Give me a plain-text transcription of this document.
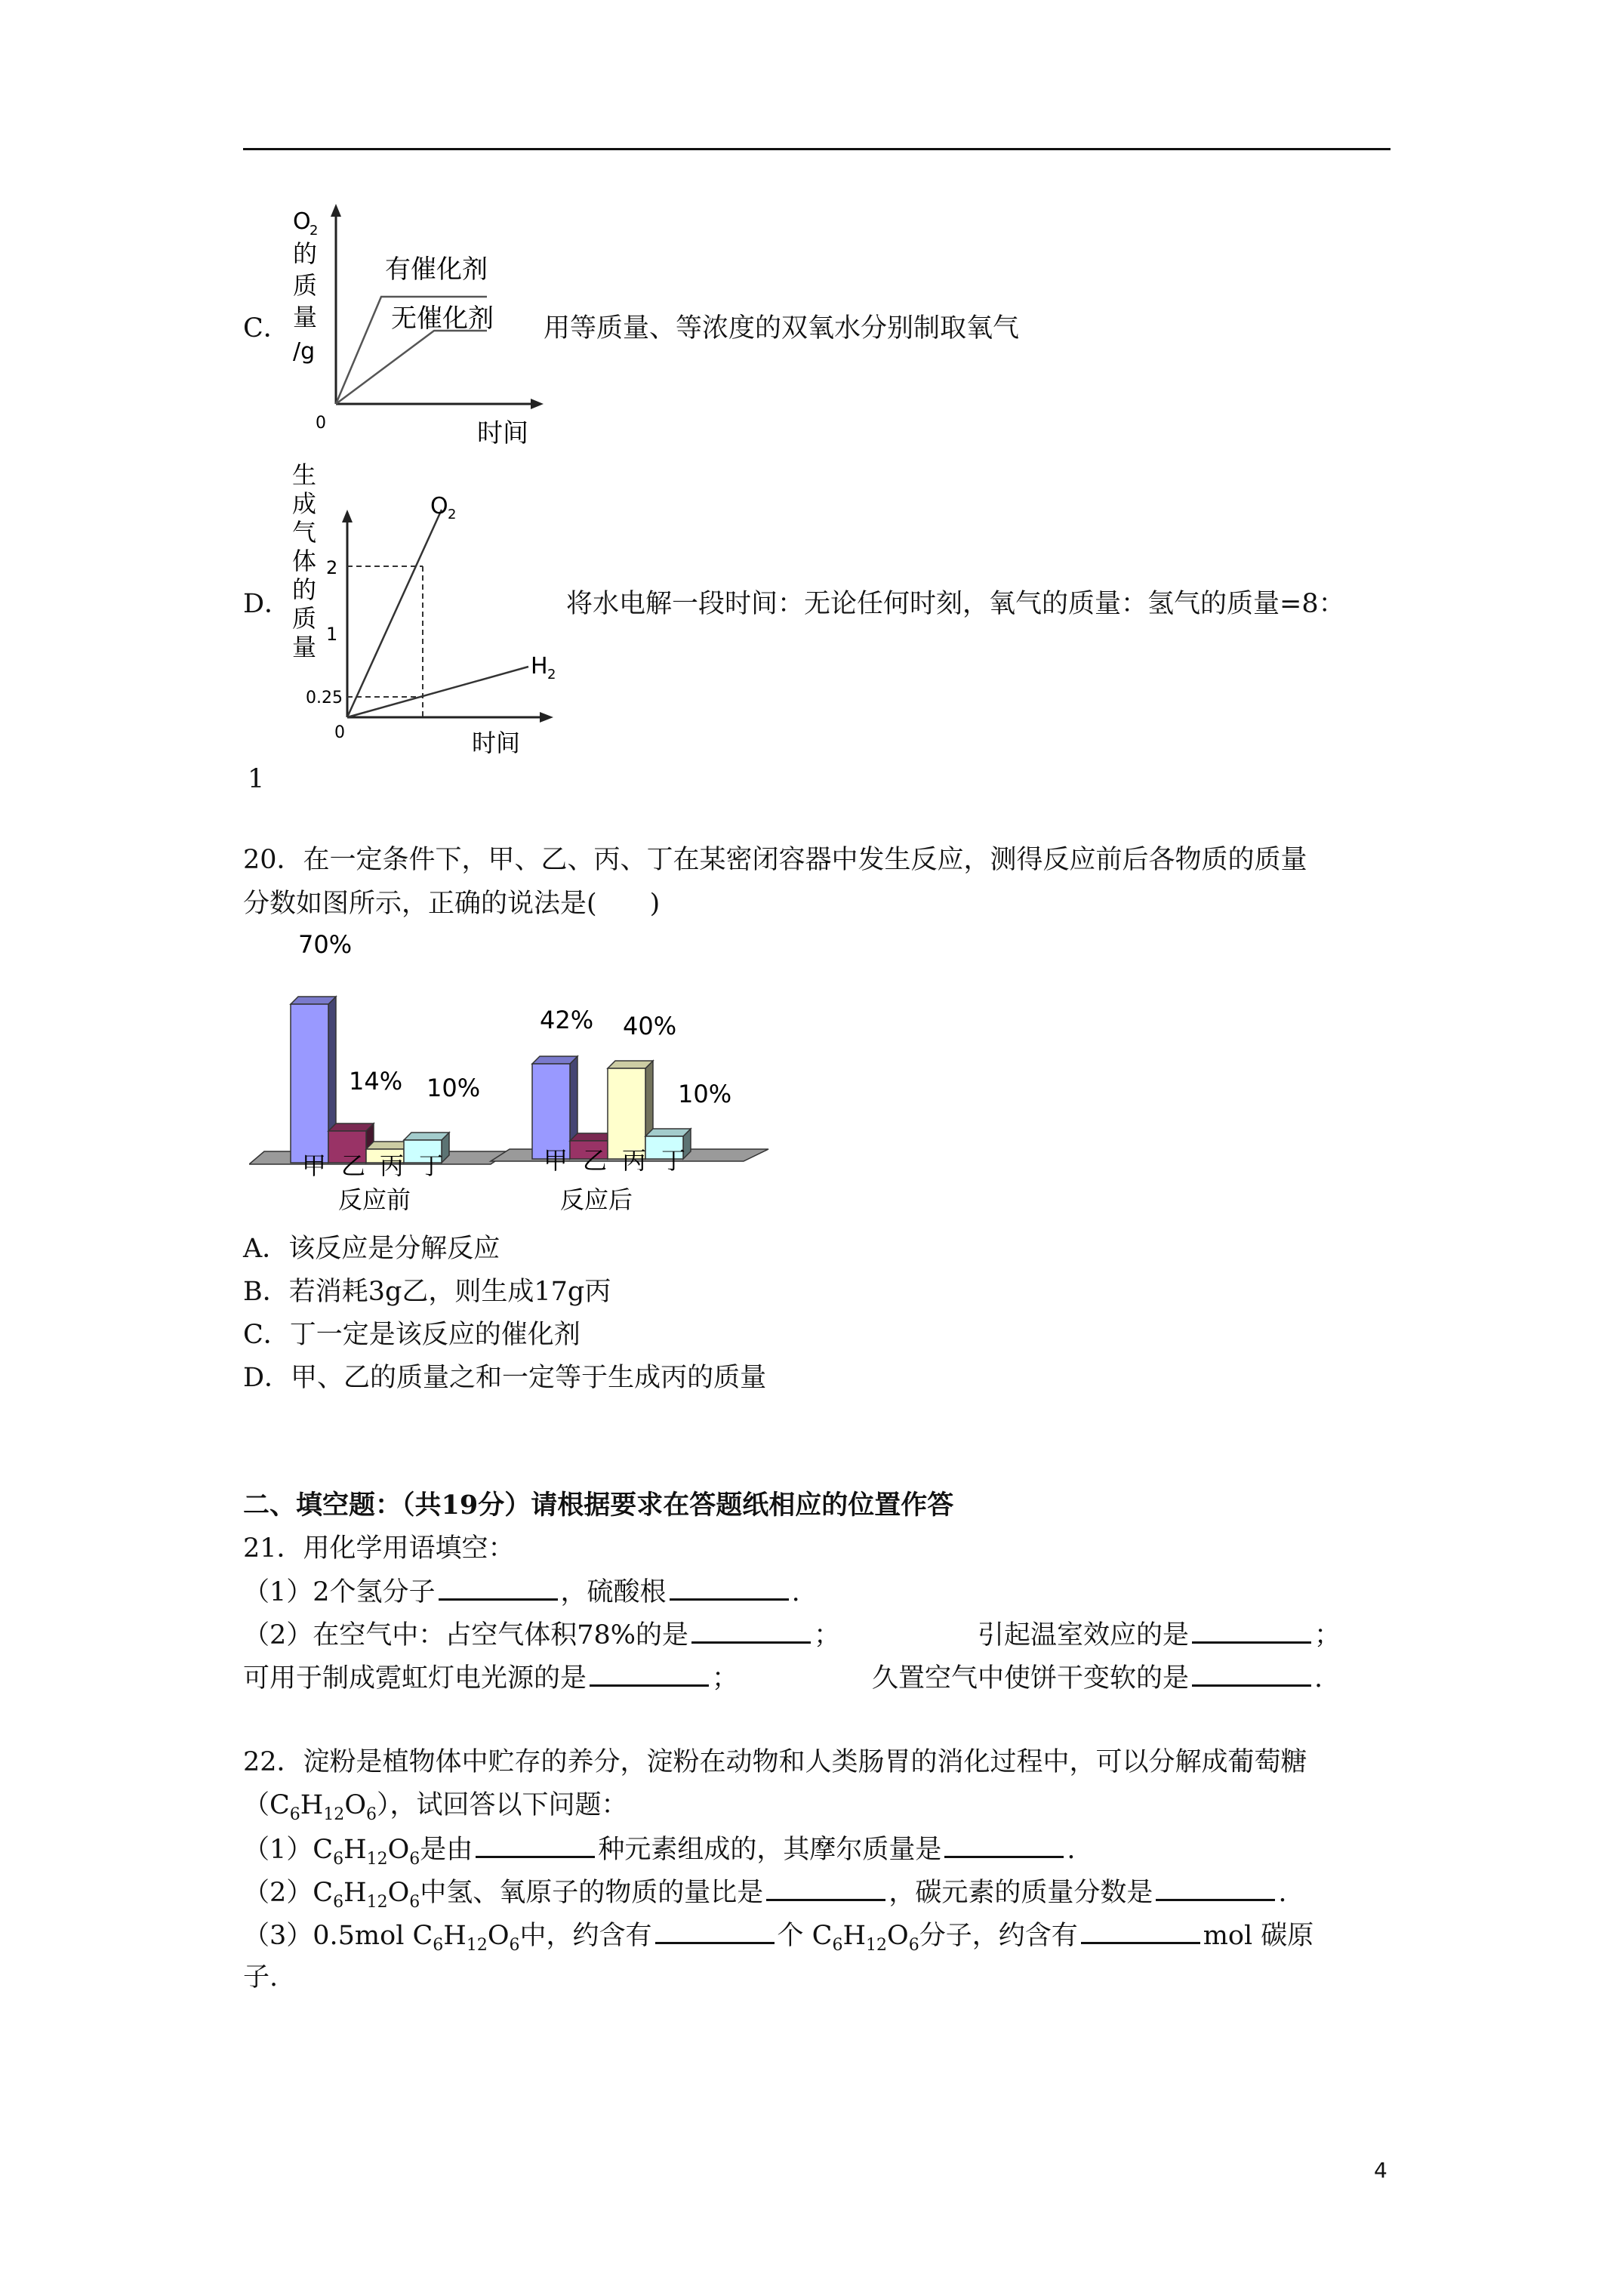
O
2
的
质
量
/g
0	时间
有催化剂
无催化剂
C．	用等质量、等浓度的双氧水分别制取氧气
生
成
气
体
的
质
量
2
1
0.25
0	时间
O 2
H 2
D．	将水电解一段时间：无论任何时刻，氧气的质量：氢气的质量=8：
1
20．在一定条件下，甲、乙、丙、丁在某密闭容器中发生反应，测得反应前后各物质的质量
分数如图所示，正确的说法是(　　)
70%
14% 10%
42% 40%
10%
甲 乙 丙 丁	甲 乙 丙 丁
反应前	反应后
A．该反应是分解反应
B．若消耗3g乙，则生成17g丙
C．丁一定是该反应的催化剂
D．甲、乙的质量之和一定等于生成丙的质量
二、填空题：（共19分）请根据要求在答题纸相应的位置作答
21．用化学用语填空：
（1）2个氢分子	，硫酸根	.
（2）在空气中：占空气体积78%的是	；	引起温室效应的是	；
可用于制成霓虹灯电光源的是	；	久置空气中使饼干变软的是	.
22．淀粉是植物体中贮存的养分，淀粉在动物和人类肠胃的消化过程中，可以分解成葡萄糖
$(C_6H_{12}O_6)$，试回答以下问题：
$(1)C_6H_{12}O_6$是由	种元素组成的，其摩尔质量是	.
$(2)C_6H_{12}O_6$中氢、氧原子的物质的量比是	，碳元素的质量分数是	.
（3）0.5mol $C_6H_{12}O_6$中，约含有	个 $C_6H_{12}O_6$分子，约含有	mol 碳原
子.
4
